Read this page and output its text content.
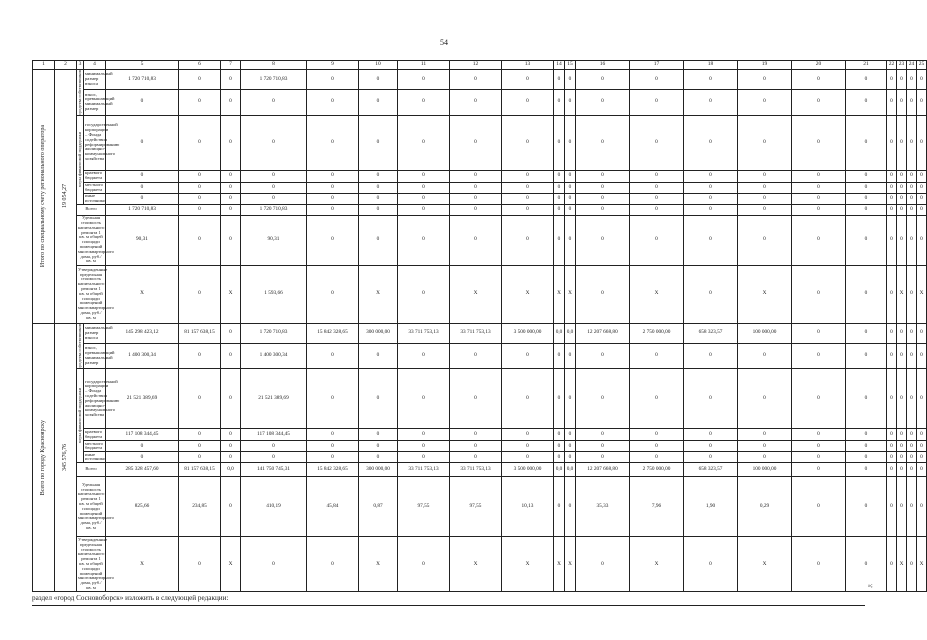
54
1	2	3	4	5	6	7	8	9	10	11	12	13	14	15	16	17	18	19	20	21	22	23	24	25

Итого по специальному счету регионального оператора	19 054,27	средства собственников	минимальный размер взноса	1 720 710,83	0	0	1 720 710,83	0	0	0	0	0	0	0	0	0	0	0	0	0	0	0	0	0
			взнос, превышающий минимальный размер	0	0	0	0	0	0	0	0	0	0	0	0	0	0	0	0	0	0	0	0	0

		меры финансовой поддержки	государственной корпорации – Фонда содействия реформированию жилищно-коммунального хозяйства	0	0	0	0	0	0	0	0	0	0	0	0	0	0	0	0	0	0	0	0	0
			краевого бюджета	0	0	0	0	0	0	0	0	0	0	0	0	0	0	0	0	0	0	0	0	0
			местного бюджета	0	0	0	0	0	0	0	0	0	0	0	0	0	0	0	0	0	0	0	0	0
			иные источники	0	0	0	0	0	0	0	0	0	0	0	0	0	0	0	0	0	0	0	0	0
		Всего		1 720 710,83	0	0	1 720 710,83	0	0	0	0	0	0	0	0	0	0	0	0	0	0	0	0	0
		Удельная стоимость капитального ремонта 1 кв. м общей площади помещений многоквартирного дома, руб./кв. м		90,31	0	0	90,31	0	0	0	0	0	0	0	0	0	0	0	0	0	0	0	0	0
		Утвержденные предельная стоимость капитального ремонта 1 кв. м общей площади помещений многоквартирного дома, руб./кв. м		X	0	X	1 593,66	0	X	0	X	X	X	X	0	X	0	X	0	0	0	X	0	X

Всего по городу Красноярску	345 576,76	средства собственников	минимальный размер взноса	145 298 423,12	81 157 638,15	0	1 720 710,83	15 842 328,65	300 000,00	33 711 753,13	33 711 753,13	3 500 000,00	0,0	0,0	12 207 668,80	2 750 000,00	658 323,57	100 000,00	0	0	0	0	0	0
			взнос, превышающий минимальный размер	1 400 300,34	0	0	1 400 300,34	0	0	0	0	0	0	0	0	0	0	0	0	0	0	0	0	0

		меры финансовой поддержки	государственной корпорации – Фонда содействия реформированию жилищно-коммунального хозяйства	21 521 389,69	0	0	21 521 389,69	0	0	0	0	0	0	0	0	0	0	0	0	0	0	0	0	0
			краевого бюджета	117 108 344,45	0	0	117 108 344,45	0	0	0	0	0	0	0	0	0	0	0	0	0	0	0	0	0
			местного бюджета	0	0	0	0	0	0	0	0	0	0	0	0	0	0	0	0	0	0	0	0	0
			иные источники	0	0	0	0	0	0	0	0	0	0	0	0	0	0	0	0	0	0	0	0	0
		Всего		285 328 457,60	81 157 638,15	0,0	141 750 745,31	15 842 328,65	300 000,00	33 711 753,13	33 711 753,13	3 500 000,00	0,0	0,0	12 207 668,80	2 750 000,00	658 323,57	100 000,00	0	0	0	0	0	0
		Удельная стоимость капитального ремонта 1 кв. м общей площади помещений многоквартирного дома, руб./кв. м		825,66	234,85	0	410,19	45,84	0,87	97,55	97,55	10,13	0	0	35,33	7,96	1,90	0,29	0	0	0	0	0	0
		Утвержденные предельная стоимость капитального ремонта 1 кв. м общей площади помещений многоквартирного дома, руб./кв. м		X	0	X	0	0	X	0	X	X	X	X	0	X	0	X	0	0	0	X	0	X
раздел «город Сосновоборск» изложить в следующей редакции:
»;
